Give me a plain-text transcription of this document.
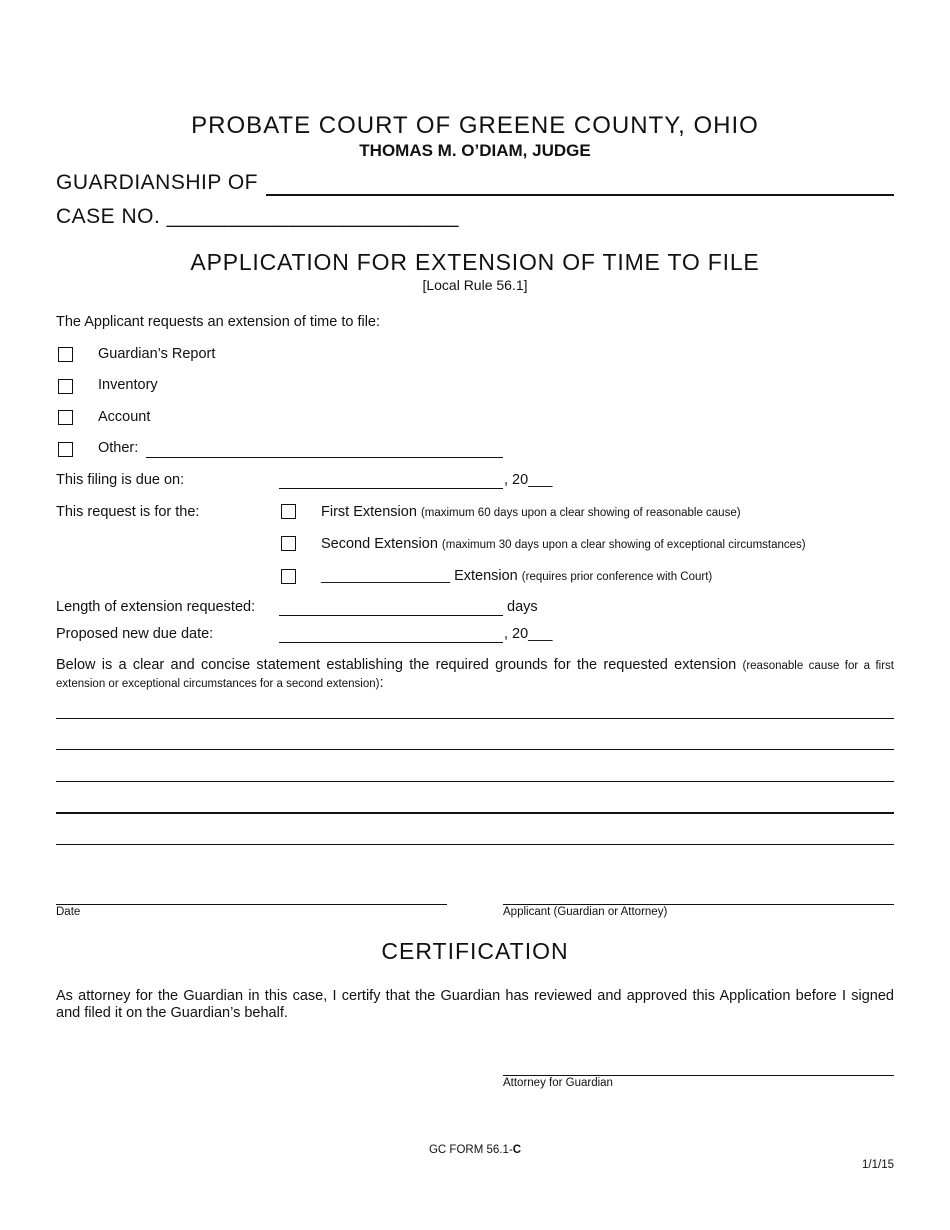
PROBATE COURT OF GREENE COUNTY, OHIO
THOMAS M. O’DIAM, JUDGE
GUARDIANSHIP OF
CASE NO. ________________________
APPLICATION FOR EXTENSION OF TIME TO FILE
[Local Rule 56.1]
The Applicant requests an extension of time to file:
Guardian’s Report
Inventory
Account
Other:
This filing is due on:	, 20___
This request is for the:	First Extension (maximum 60 days upon a clear showing of reasonable cause)
Second Extension (maximum 30 days upon a clear showing of exceptional circumstances)
________________ Extension (requires prior conference with Court)
Length of extension requested:	days
Proposed new due date:	, 20___
Below is a clear and concise statement establishing the required grounds for the requested extension (reasonable cause for a first extension or exceptional circumstances for a second extension):
Date	Applicant (Guardian or Attorney)
CERTIFICATION
As attorney for the Guardian in this case, I certify that the Guardian has reviewed and approved this Application before I signed and filed it on the Guardian’s behalf.
Attorney for Guardian
GC FORM 56.1-C
1/1/15
